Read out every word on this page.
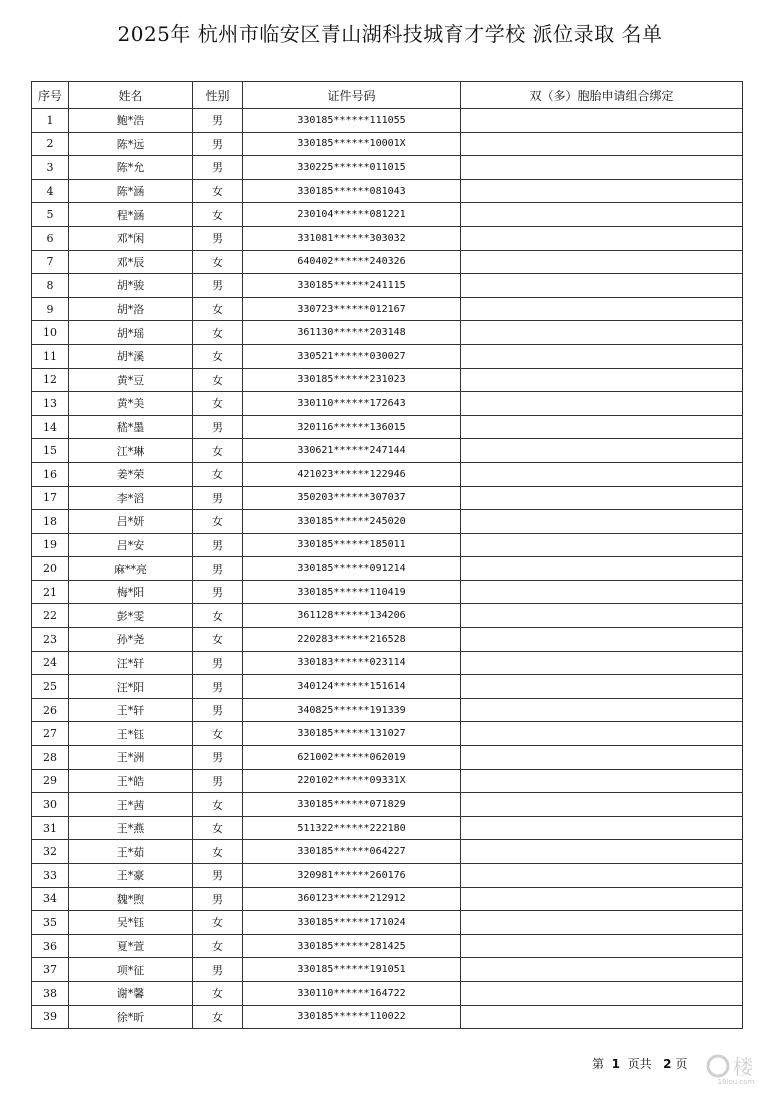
2025年 杭州市临安区青山湖科技城育才学校 派位录取 名单
序号	姓名	性别	证件号码	双（多）胞胎申请组合绑定
1	鲍*浩	男	330185******111055	
2	陈*远	男	330185******10001X	
3	陈*允	男	330225******011015	
4	陈*涵	女	330185******081043	
5	程*涵	女	230104******081221	
6	邓*闲	男	331081******303032	
7	邓*辰	女	640402******240326	
8	胡*骏	男	330185******241115	
9	胡*洛	女	330723******012167	
10	胡*瑶	女	361130******203148	
11	胡*溪	女	330521******030027	
12	黄*豆	女	330185******231023	
13	黄*美	女	330110******172643	
14	嵇*墨	男	320116******136015	
15	江*琳	女	330621******247144	
16	姜*荣	女	421023******122946	
17	李*滔	男	350203******307037	
18	吕*妍	女	330185******245020	
19	吕*安	男	330185******185011	
20	麻**亮	男	330185******091214	
21	梅*阳	男	330185******110419	
22	彭*雯	女	361128******134206	
23	孙*尧	女	220283******216528	
24	汪*轩	男	330183******023114	
25	汪*阳	男	340124******151614	
26	王*轩	男	340825******191339	
27	王*钰	女	330185******131027	
28	王*洲	男	621002******062019	
29	王*皓	男	220102******09331X	
30	王*茜	女	330185******071829	
31	王*燕	女	511322******222180	
32	王*茹	女	330185******064227	
33	王*豪	男	320981******260176	
34	魏*煦	男	360123******212912	
35	吴*钰	女	330185******171024	
36	夏*萱	女	330185******281425	
37	项*征	男	330185******191051	
38	谢*馨	女	330110******164722	
39	徐*昕	女	330185******110022	
第 1 页共 2 页 楼
19lou.com
